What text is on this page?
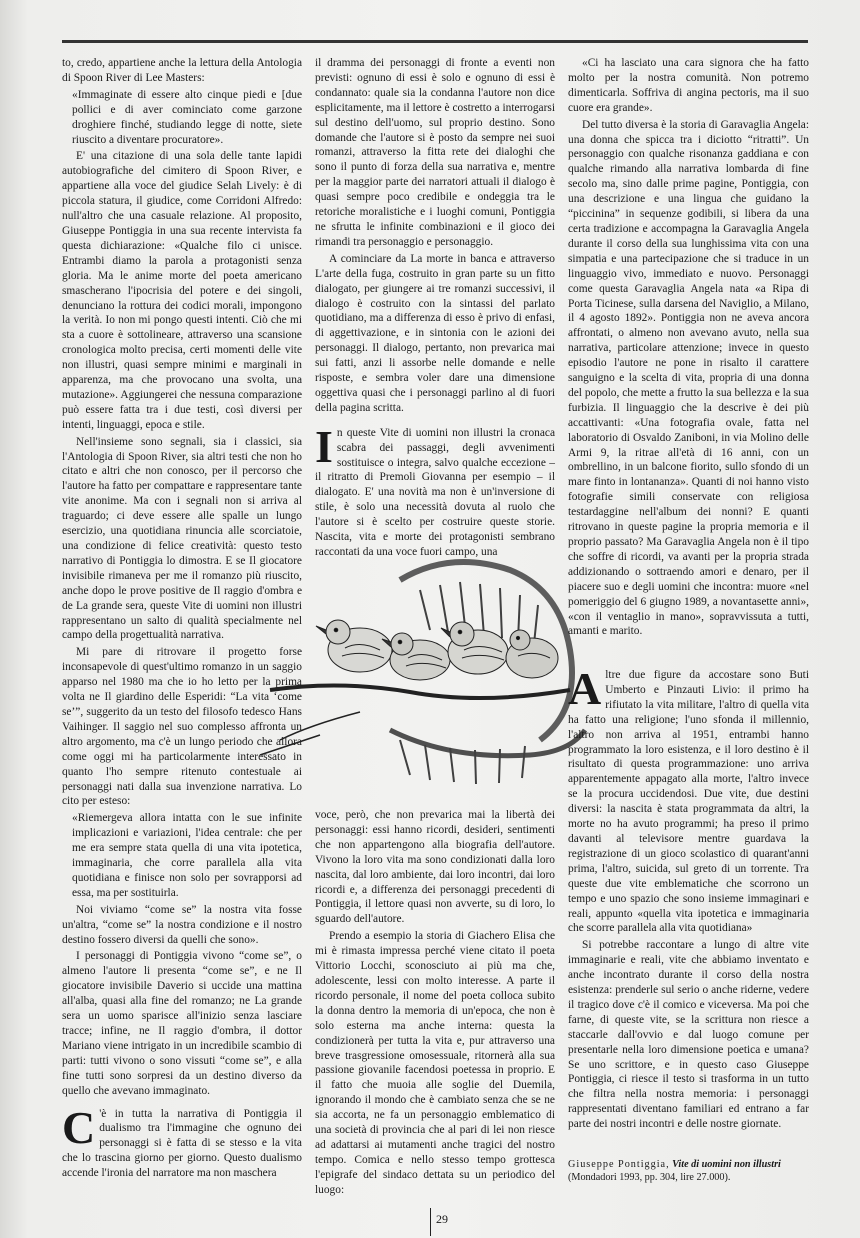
to, credo, appartiene anche la lettura della Antologia di Spoon River di Lee Masters:

«Immaginate di essere alto cinque piedi e [due pollici e di aver cominciato come garzone droghiere finché, studiando legge di notte, siete riuscito a diventare procuratore».

E' una citazione di una sola delle tante lapidi autobiografiche del cimitero di Spoon River, e appartiene alla voce del giudice Selah Lively: è di piccola statura, il giudice, come Corridoni Alfredo: null'altro che una casuale relazione. Al proposito, Giuseppe Pontiggia in una sua recente intervista fa questa dichiarazione: «Qualche filo ci unisce. Entrambi diamo la parola a protagonisti senza gloria. Ma le anime morte del poeta americano smascherano l'ipocrisia del potere e dei singoli, denunciano la rottura dei codici morali, impongono la verità. Io non mi pongo questi intenti. Ciò che mi sta a cuore è sottolineare, attraverso una scansione cronologica molto precisa, certi momenti delle vite non illustri, quasi sempre minimi e marginali in apparenza, ma che provocano una svolta, una mutazione». Aggiungerei che nessuna comparazione può essere fatta tra i due testi, così diversi per intenti, linguaggi, epoca e stile.

Nell'insieme sono segnali, sia i classici, sia l'Antologia di Spoon River, sia altri testi che non ho citato e altri che non conosco, per il percorso che l'autore ha fatto per compattare e rappresentare tante vite anonime. Ma con i segnali non si arriva al traguardo; ci deve essere alle spalle un lungo esercizio, una quotidiana rinuncia alle scorciatoie, una condizione di felice creatività: questo testo narrativo di Pontiggia lo dimostra. E se Il giocatore invisibile rimaneva per me il romanzo più riuscito, anche dopo le prove positive de Il raggio d'ombra e de La grande sera, queste Vite di uomini non illustri rappresentano un salto di qualità specialmente nel campo della progettualità narrativa.

Mi pare di ritrovare il progetto forse inconsapevole di quest'ultimo romanzo in un saggio apparso nel 1980 ma che io ho letto per la prima volta ne Il giardino delle Esperidi: “La vita ‘come se’”, suggerito da un testo del filosofo tedesco Hans Vaihinger. Il saggio nel suo complesso affronta un altro argomento, ma c'è un lungo periodo che allora come oggi mi ha particolarmente interessato in quanto l'ho sempre ritenuto contestuale ai personaggi nati dalla sua invenzione narrativa. Lo cito per esteso:

«Riemergeva allora intatta con le sue infinite implicazioni e variazioni, l'idea centrale: che per me era sempre stata quella di una vita ipotetica, immaginaria, che corre parallela alla vita quotidiana e finisce non solo per sovrapporsi ad essa, ma per sostituirla.

Noi viviamo “come se” la nostra vita fosse un'altra, “come se” la nostra condizione e il nostro destino fossero diversi da quelli che sono».

I personaggi di Pontiggia vivono “come se”, o almeno l'autore li presenta “come se”, e ne Il giocatore invisibile Daverio si uccide una mattina all'alba, quasi alla fine del romanzo; ne La grande sera un uomo sparisce all'inizio senza lasciare tracce; infine, ne Il raggio d'ombra, il dottor Mariano viene intrigato in un incredibile scambio di parti: tutti vivono o sono vissuti “come se”, e alla fine tutti sono sorpresi da un destino diverso da quello che avevano immaginato.

C 'è in tutta la narrativa di Pontiggia il dualismo tra l'immagine che ognuno dei personaggi si è fatta di se stesso e la vita che lo trascina giorno per giorno. Questo dualismo accende l'ironia del narratore ma non maschera

il dramma dei personaggi di fronte a eventi non previsti: ognuno di essi è solo e ognuno di essi è condannato: quale sia la condanna l'autore non dice esplicitamente, ma il lettore è costretto a interrogarsi sul destino dell'uomo, sul proprio destino. Sono domande che l'autore si è posto da sempre nei suoi romanzi, attraverso la fitta rete dei dialoghi che sono il punto di forza della sua narrativa e, mentre per la maggior parte dei narratori attuali il dialogo è quasi sempre poco credibile e ondeggia tra le retoriche moralistiche e i luoghi comuni, Pontiggia ne sfrutta le infinite combinazioni e il gioco dei rimandi tra personaggio e personaggio.

A cominciare da La morte in banca e attraverso L'arte della fuga, costruito in gran parte su un fitto dialogato, per giungere ai tre romanzi successivi, il dialogo è costruito con la sintassi del parlato quotidiano, ma a differenza di esso è privo di enfasi, di aggettivazione, e in sintonia con le azioni dei personaggi. Il dialogo, pertanto, non prevarica mai sui fatti, anzi li assorbe nelle domande e nelle risposte, e sembra voler dare una dimensione oggettiva quasi che i personaggi parlino al di fuori della pagina scritta.

In queste Vite di uomini non illustri la cronaca scabra dei passaggi, degli avvenimenti sostituisce o integra, salvo qualche eccezione – il ritratto di Premoli Giovanna per esempio – il dialogato. E' una novità ma non è un'inversione di stile, è solo una necessità dovuta al ruolo che l'autore si è scelto per costruire queste storie. Nascita, vita e morte dei protagonisti sembrano raccontati da una voce fuori campo, una

voce, però, che non prevarica mai la libertà dei personaggi: essi hanno ricordi, desideri, sentimenti che non appartengono alla biografia dell'autore. Vivono la loro vita ma sono condizionati dalla loro nascita, dal loro ambiente, dai loro incontri, dai loro ricordi e, a differenza dei personaggi precedenti di Pontiggia, il lettore quasi non avverte, su di loro, lo sguardo dell'autore.

Prendo a esempio la storia di Giachero Elisa che mi è rimasta impressa perché viene citato il poeta Vittorio Locchi, sconosciuto ai più ma che, adolescente, lessi con molto interesse. A parte il ricordo personale, il nome del poeta colloca subito la donna dentro la memoria di un'epoca, che non è solo esterna ma anche interna: questa la condizionerà per tutta la vita e, pur attraverso una breve trasgressione omosessuale, ritornerà alla sua passione giovanile facendosi poetessa in proprio. E il fatto che muoia alle soglie del Duemila, ignorando il mondo che è cambiato senza che se ne sia accorta, ne fa un personaggio emblematico di una società di provincia che al pari di lei non riesce ad adattarsi ai mutamenti anche tragici del nostro tempo. Comica e nello stesso tempo grottesca l'epigrafe del sindaco dettata su un periodico del luogo:

«Ci ha lasciato una cara signora che ha fatto molto per la nostra comunità. Non potremo dimenticarla. Soffriva di angina pectoris, ma il suo cuore era grande».

Del tutto diversa è la storia di Garavaglia Angela: una donna che spicca tra i diciotto “ritratti”. Un personaggio con qualche risonanza gaddiana e con qualche rimando alla narrativa lombarda di fine secolo ma, sino dalle prime pagine, Pontiggia, con una descrizione e una lingua che guidano la “piccinina” in sequenze godibili, si libera da una certa tradizione e accompagna la Garavaglia Angela durante il corso della sua lunghissima vita con una simpatia e una partecipazione che si traduce in un linguaggio vivo, immediato e nuovo. Personaggi come questa Garavaglia Angela nata «a Ripa di Porta Ticinese, sulla darsena del Naviglio, a Milano, il 4 agosto 1892». Pontiggia non ne aveva ancora affrontati, o almeno non avevano avuto, nella sua narrativa, particolare attenzione; invece in questo episodio l'autore ne pone in risalto il carattere sanguigno e la scelta di vita, propria di una donna del popolo, che mette a frutto la sua bellezza e la sua furbizia. Il linguaggio che la descrive è dei più accattivanti: «Una fotografia ovale, fatta nel laboratorio di Osvaldo Zaniboni, in via Molino delle Armi 9, la ritrae all'età di 16 anni, con un ombrellino, in un balcone fiorito, sullo sfondo di un mare finto in lontananza». Quanti di noi hanno visto fotografie simili conservate con religiosa testardaggine nell'album dei nonni? E quanti ritrovano in queste pagine la propria memoria e il proprio passato? Ma Garavaglia Angela non è il tipo che soffre di ricordi, va avanti per la propria strada addizionando o sottraendo amori e denaro, per il piacere suo e degli uomini che incontra: muore «nel pomeriggio del 6 giugno 1989, a novantasette anni», «con il ventaglio in mano», sopravvissuta a tutti, amanti e marito.

Altre due figure da accostare sono Buti Umberto e Pinzauti Livio: il primo ha rifiutato la vita militare, l'altro di quella vita ha fatto una religione; l'uno sfonda il millennio, l'altro non arriva al 1951, entrambi hanno programmato la loro esistenza, e il loro destino è il risultato di questa programmazione: uno arriva apparentemente appagato alla morte, l'altro invece se la procura uccidendosi. Due vite, due destini diversi: la nascita è stata programmata da altri, la morte no ha avuto programmi; ha preso il primo davanti al televisore mentre guardava la registrazione di un gioco scolastico di quarant'anni prima, l'altro, suicida, sul greto di un torrente. Tra queste due vite emblematiche che scorrono un tempo e uno spazio che sono insieme immaginari e reali, appunto «quella vita ipotetica e immaginaria che scorre parallela alla vita quotidiana»

Si potrebbe raccontare a lungo di altre vite immaginarie e reali, vite che abbiamo inventato e anche incontrato durante il corso della nostra esistenza: prenderle sul serio o anche riderne, vedere il tragico dove c'è il comico e viceversa. Ma poi che farne, di queste vite, se la scrittura non riesce a staccarle dall'ovvio e dal luogo comune per presentarle nella loro dimensione poetica e umana? Se uno scrittore, e in questo caso Giuseppe Pontiggia, ci riesce il testo si trasforma in un tutto che filtra nella nostra memoria: i personaggi rappresentati diventano familiari ed entrano a far parte dei nostri incontri e delle nostre giornate.

Giuseppe Pontiggia, Vite di uomini non illustri
(Mondadori 1993, pp. 304, lire 27.000).
29
